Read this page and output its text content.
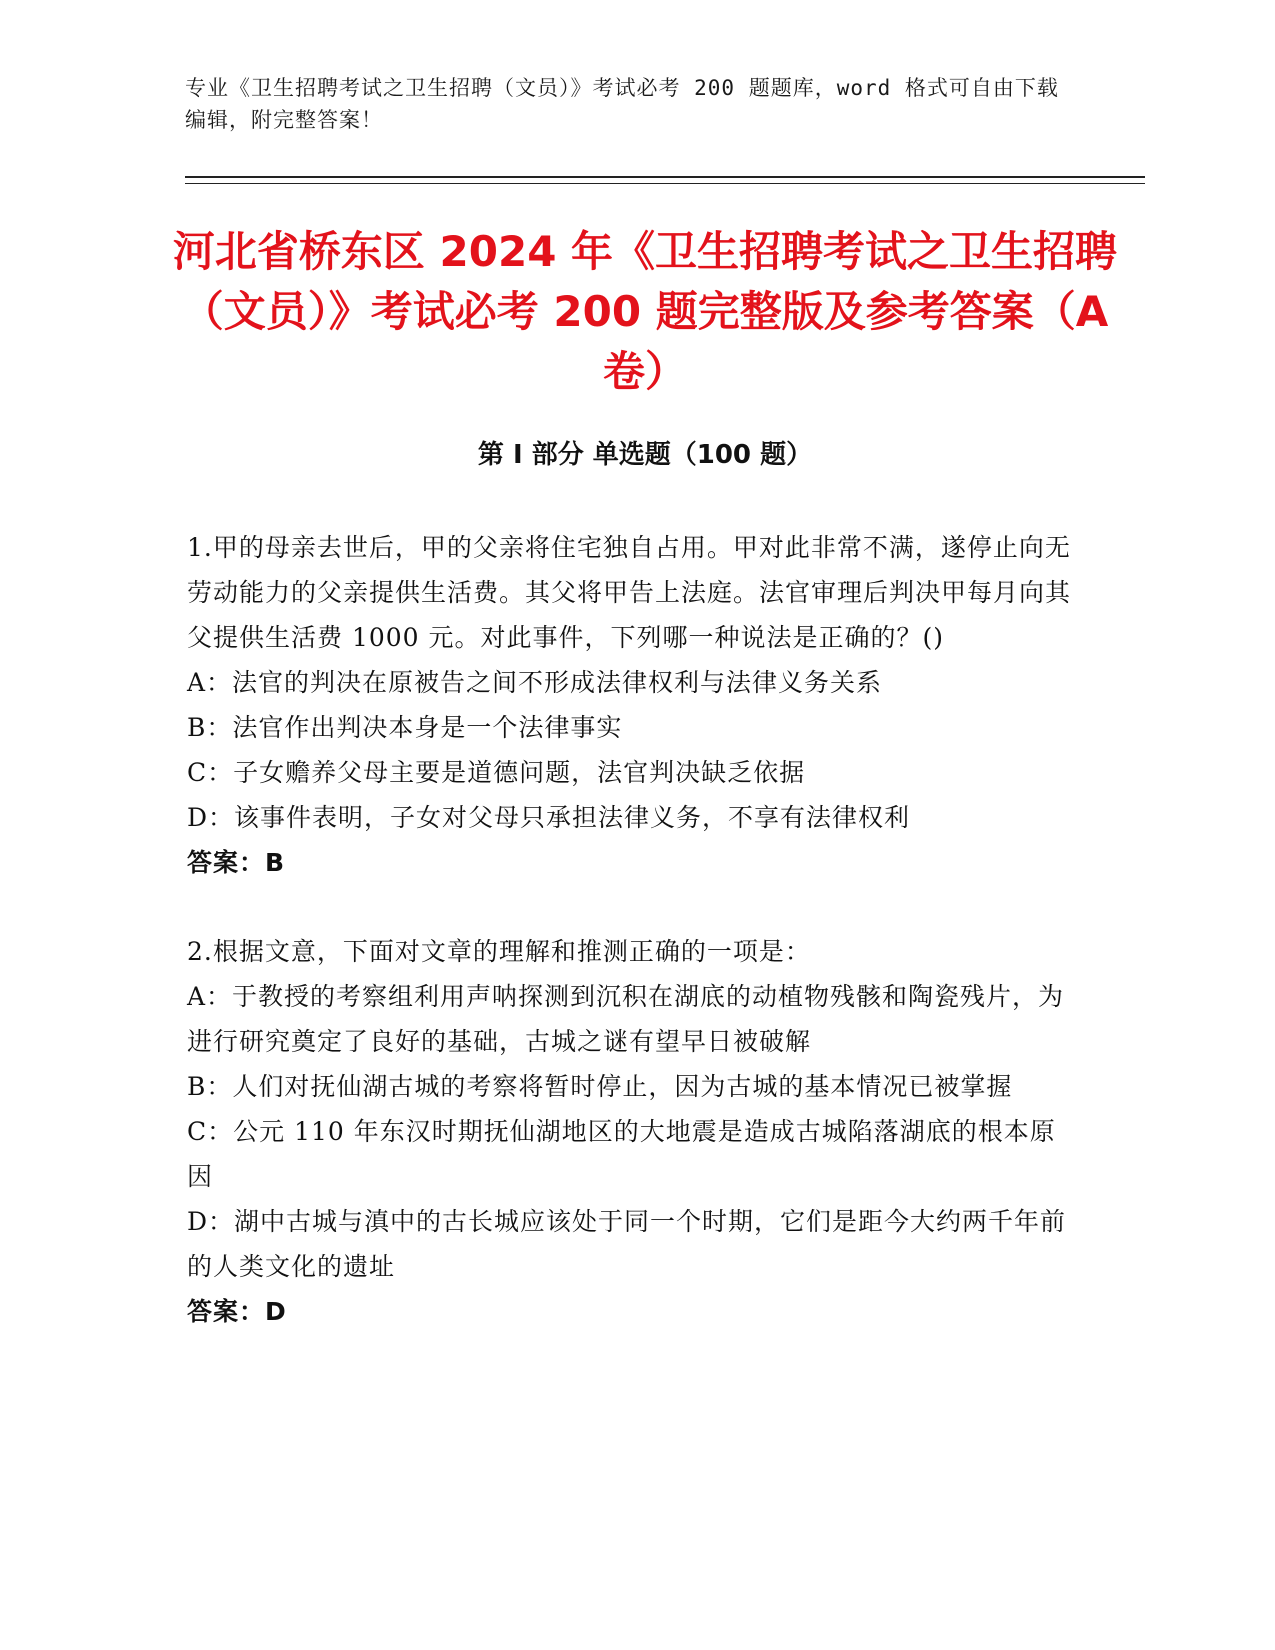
专业《卫生招聘考试之卫生招聘（文员）》考试必考 200 题题库，word 格式可自由下载编辑，附完整答案！
河北省桥东区 2024 年《卫生招聘考试之卫生招聘（文员）》考试必考 200 题完整版及参考答案（A 卷）
第 I 部分 单选题（100 题）

1.甲的母亲去世后，甲的父亲将住宅独自占用。甲对此非常不满，遂停止向无劳动能力的父亲提供生活费。其父将甲告上法庭。法官审理后判决甲每月向其父提供生活费 1000 元。对此事件，下列哪一种说法是正确的？()

A：法官的判决在原被告之间不形成法律权利与法律义务关系

B：法官作出判决本身是一个法律事实

C：子女赡养父母主要是道德问题，法官判决缺乏依据

D：该事件表明，子女对父母只承担法律义务，不享有法律权利

答案：B

2.根据文意，下面对文章的理解和推测正确的一项是：

A：于教授的考察组利用声呐探测到沉积在湖底的动植物残骸和陶瓷残片，为进行研究奠定了良好的基础，古城之谜有望早日被破解

B：人们对抚仙湖古城的考察将暂时停止，因为古城的基本情况已被掌握

C：公元 110 年东汉时期抚仙湖地区的大地震是造成古城陷落湖底的根本原因

D：湖中古城与滇中的古长城应该处于同一个时期，它们是距今大约两千年前的人类文化的遗址

答案：D
